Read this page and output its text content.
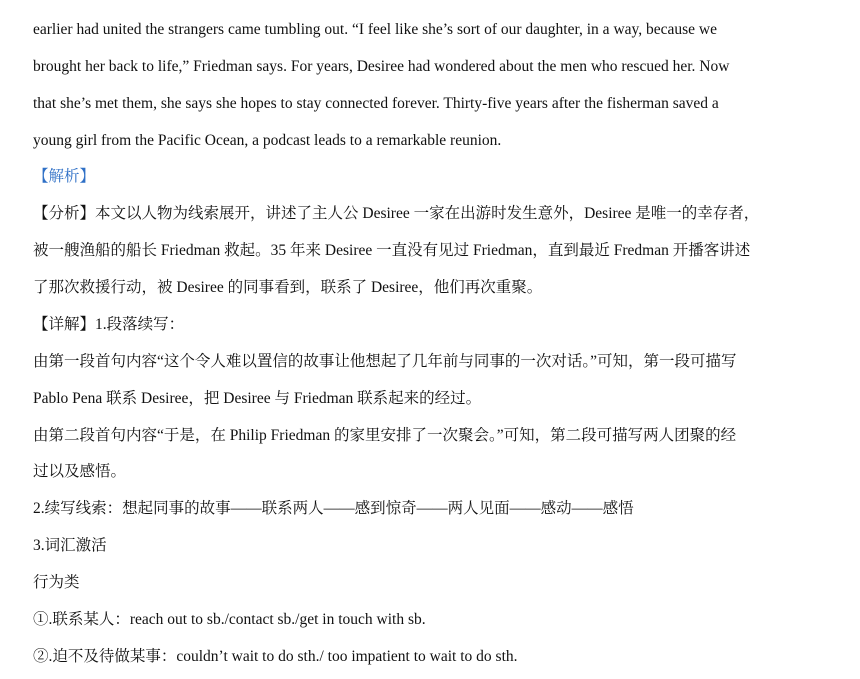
earlier had united the strangers came tumbling out. “I feel like she’s sort of our daughter, in a way, because we
brought her back to life,” Friedman says. For years, Desiree had wondered about the men who rescued her. Now
that she’s met them, she says she hopes to stay connected forever. Thirty-five years after the fisherman saved a
young girl from the Pacific Ocean, a podcast leads to a remarkable reunion.
【解析】
【分析】本文以人物为线索展开，讲述了主人公 Desiree 一家在出游时发生意外，Desiree 是唯一的幸存者，
被一艘渔船的船长 Friedman 救起。35 年来 Desiree 一直没有见过 Friedman，直到最近 Fredman 开播客讲述
了那次救援行动，被 Desiree 的同事看到，联系了 Desiree，他们再次重聚。
【详解】1.段落续写：
由第一段首句内容“这个令人难以置信的故事让他想起了几年前与同事的一次对话。”可知，第一段可描写
Pablo Pena 联系 Desiree，把 Desiree 与 Friedman 联系起来的经过。
由第二段首句内容“于是，在 Philip Friedman 的家里安排了一次聚会。”可知，第二段可描写两人团聚的经
过以及感悟。
2.续写线索：想起同事的故事——联系两人——感到惊奇——两人见面——感动——感悟
3.词汇激活
行为类
①.联系某人：reach out to sb./contact sb./get in touch with sb.
②.迫不及待做某事：couldn’t wait to do sth./ too impatient to wait to do sth.
